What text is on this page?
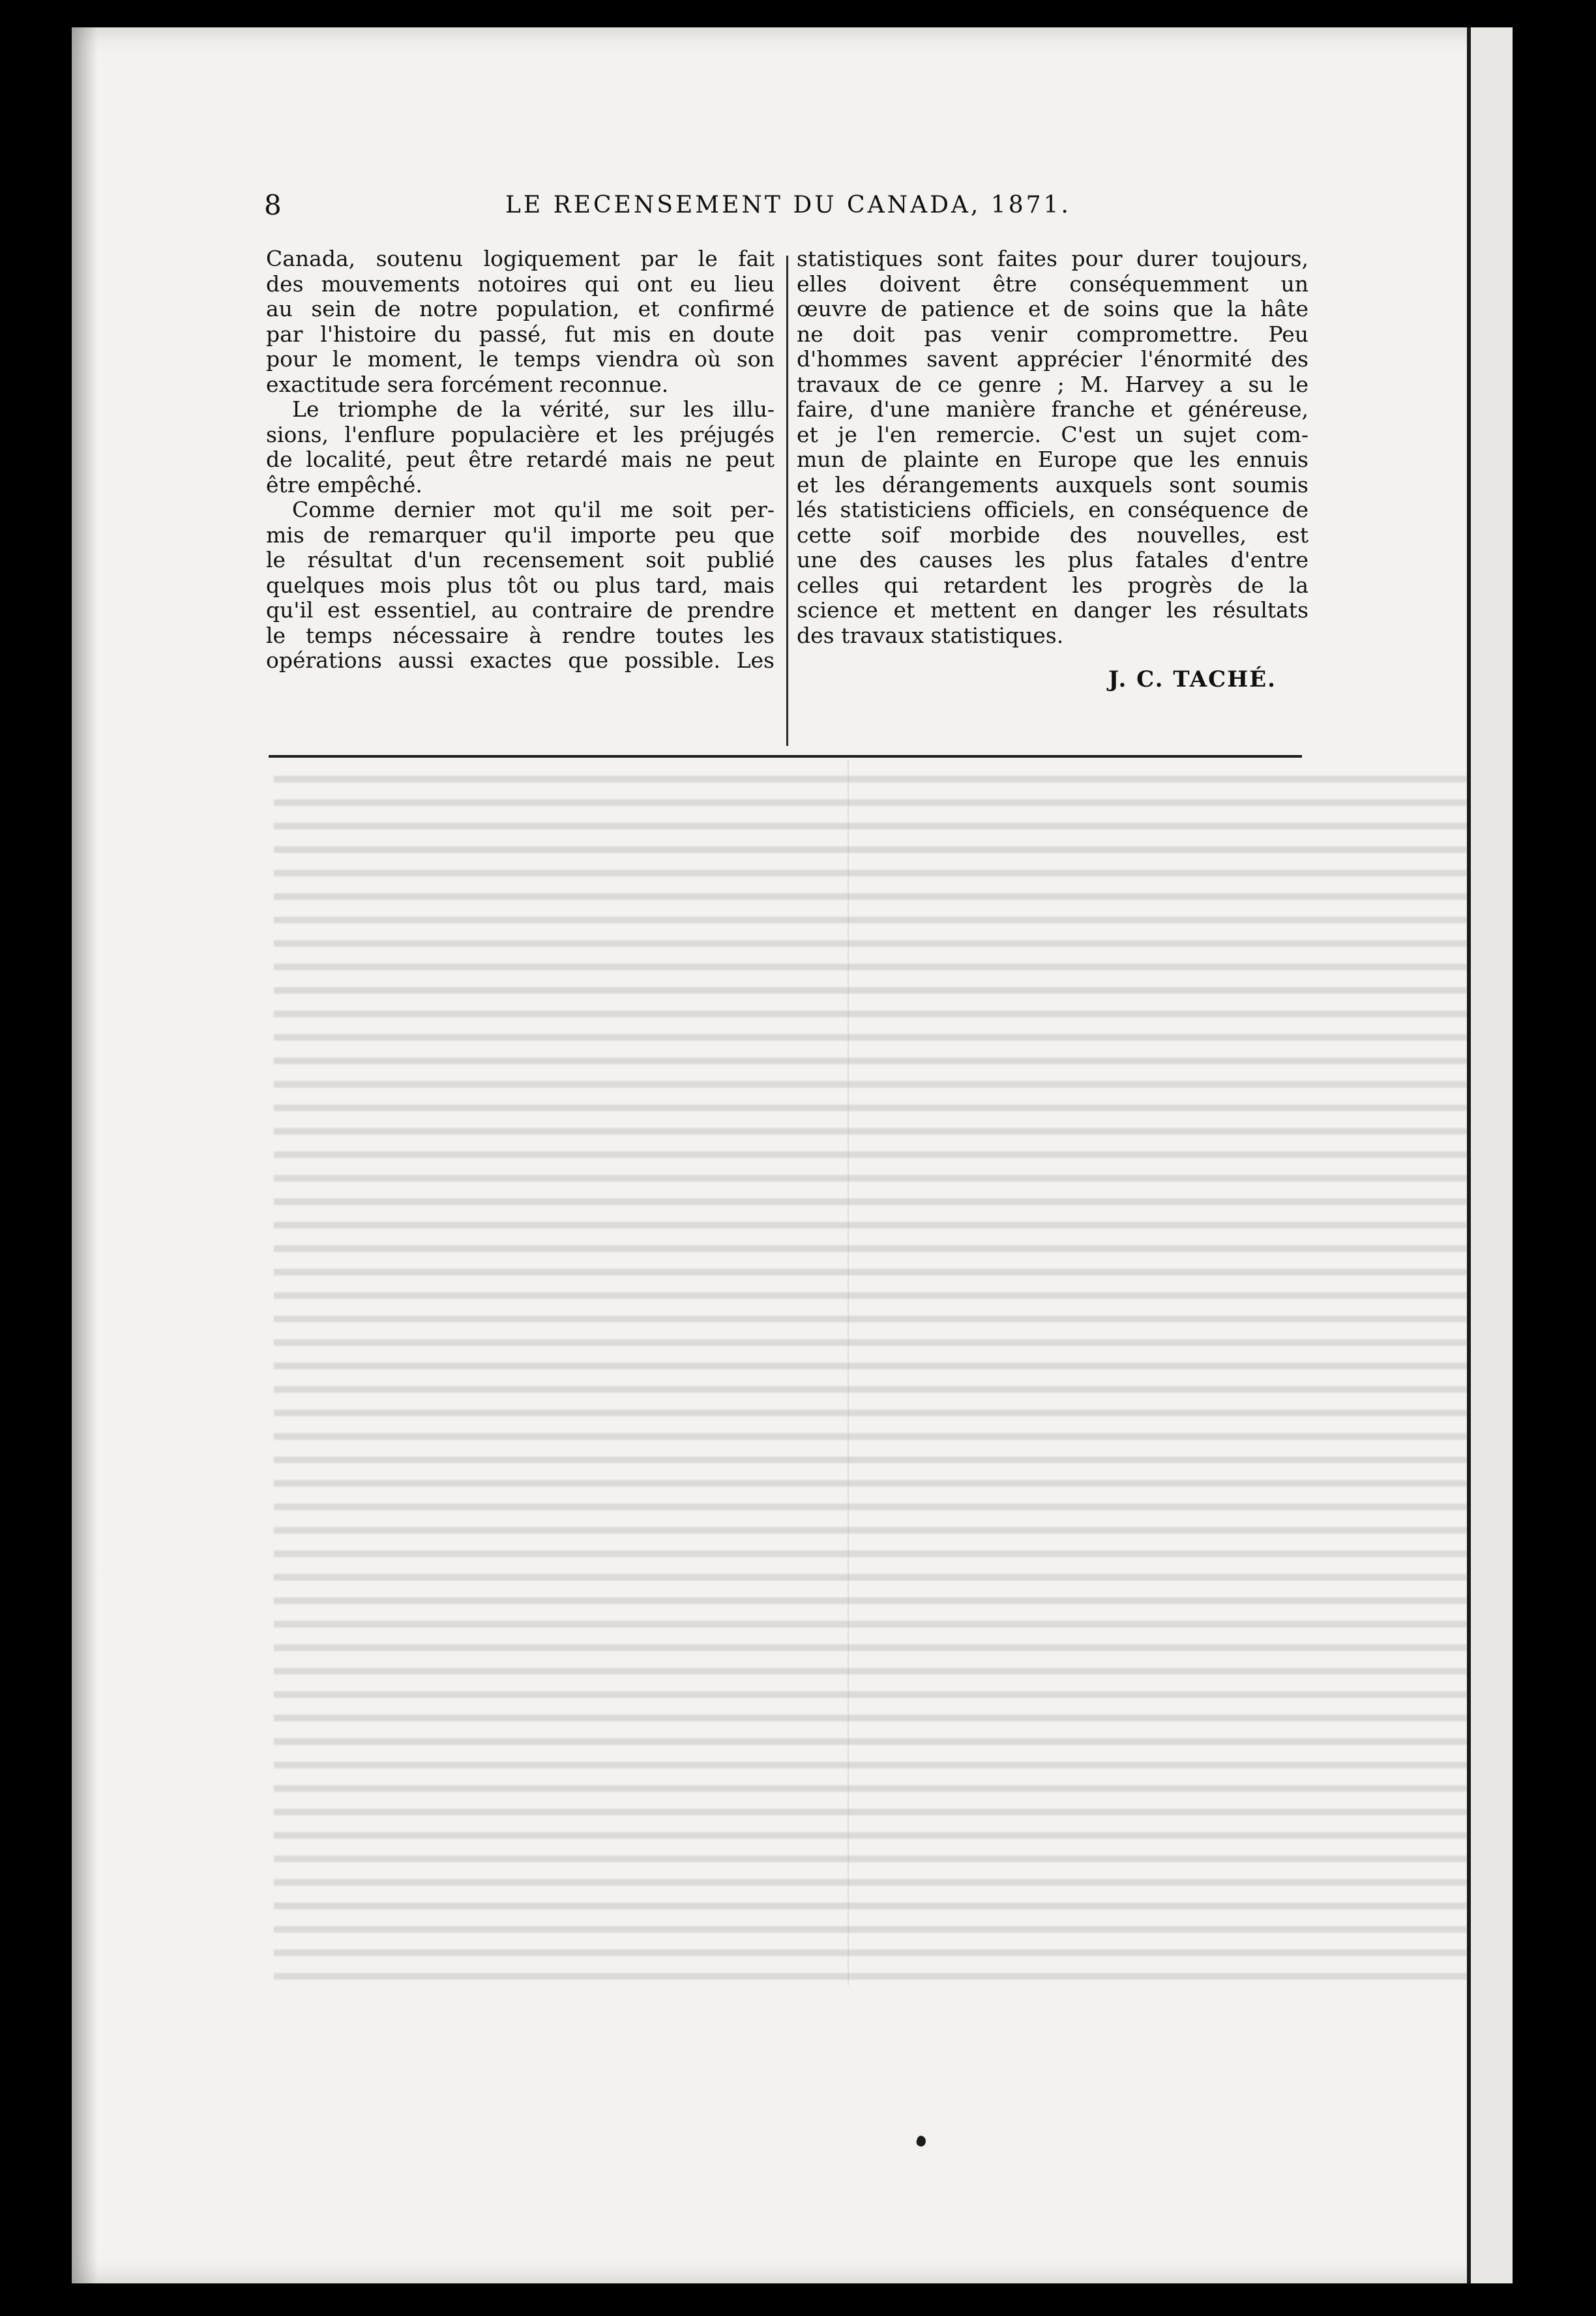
8	LE RECENSEMENT DU CANADA, 1871.
Canada, soutenu logiquement par le fait
des mouvements notoires qui ont eu lieu
au sein de notre population, et confirmé
par l'histoire du passé, fut mis en doute
pour le moment, le temps viendra où son
exactitude sera forcément reconnue.
Le triomphe de la vérité, sur les illu-
sions, l'enflure populacière et les préjugés
de localité, peut être retardé mais ne peut
être empêché.
Comme dernier mot qu'il me soit per-
mis de remarquer qu'il importe peu que
le résultat d'un recensement soit publié
quelques mois plus tôt ou plus tard, mais
qu'il est essentiel, au contraire de prendre
le temps nécessaire à rendre toutes les
opérations aussi exactes que possible. Les
statistiques sont faites pour durer toujours,
elles doivent être conséquemment un
œuvre de patience et de soins que la hâte
ne doit pas venir compromettre. Peu
d'hommes savent apprécier l'énormité des
travaux de ce genre ; M. Harvey a su le
faire, d'une manière franche et généreuse,
et je l'en remercie. C'est un sujet com-
mun de plainte en Europe que les ennuis
et les dérangements auxquels sont soumis
lés statisticiens officiels, en conséquence de
cette soif morbide des nouvelles, est
une des causes les plus fatales d'entre
celles qui retardent les progrès de la
science et mettent en danger les résultats
des travaux statistiques.
J. C. TACHÉ.
